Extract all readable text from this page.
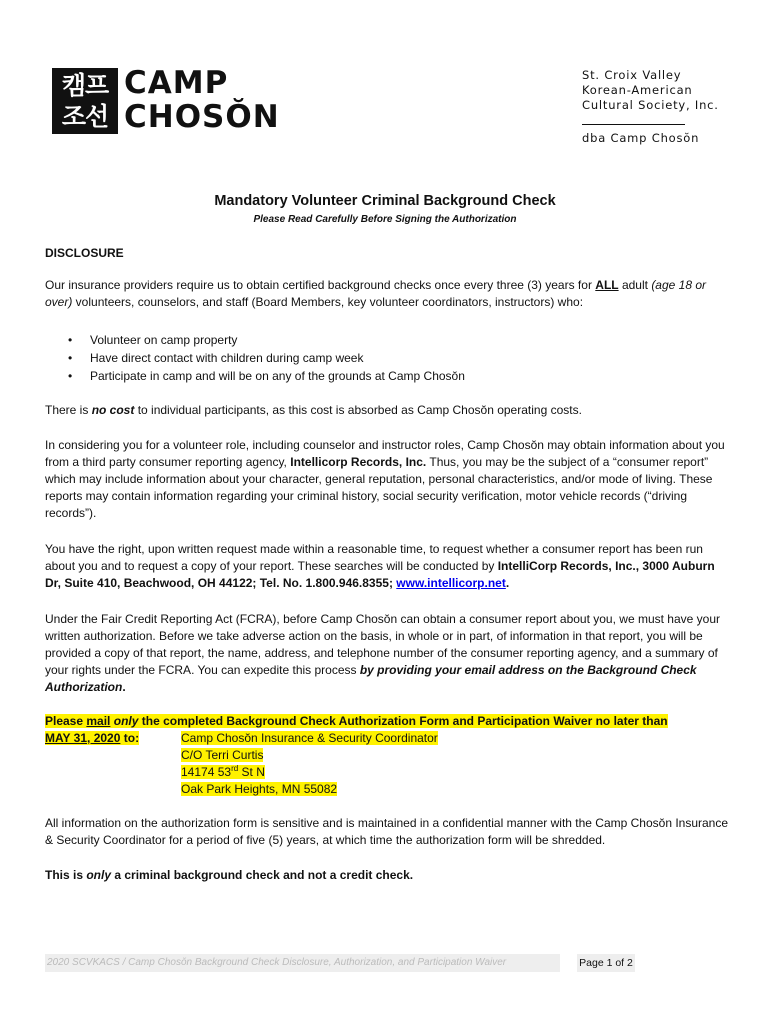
캠프
조선
CAMP
CHOSŎN
St. Croix Valley
Korean-American
Cultural Society, Inc.
dba Camp Chosŏn
Mandatory Volunteer Criminal Background Check
Please Read Carefully Before Signing the Authorization
DISCLOSURE

Our insurance providers require us to obtain certified background checks once every three (3) years for ALL adult (age 18 or over) volunteers, counselors, and staff (Board Members, key volunteer coordinators, instructors) who:

• Volunteer on camp property
• Have direct contact with children during camp week
• Participate in camp and will be on any of the grounds at Camp Chosŏn

There is no cost to individual participants, as this cost is absorbed as Camp Chosŏn operating costs.

In considering you for a volunteer role, including counselor and instructor roles, Camp Chosŏn may obtain information about you from a third party consumer reporting agency, Intellicorp Records, Inc. Thus, you may be the subject of a “consumer report” which may include information about your character, general reputation, personal characteristics, and/or mode of living. These reports may contain information regarding your criminal history, social security verification, motor vehicle records (“driving records”).

You have the right, upon written request made within a reasonable time, to request whether a consumer report has been run about you and to request a copy of your report. These searches will be conducted by IntelliCorp Records, Inc., 3000 Auburn Dr, Suite 410, Beachwood, OH 44122; Tel. No. 1.800.946.8355; www.intellicorp.net.

Under the Fair Credit Reporting Act (FCRA), before Camp Chosŏn can obtain a consumer report about you, we must have your written authorization. Before we take adverse action on the basis, in whole or in part, of information in that report, you will be provided a copy of that report, the name, address, and telephone number of the consumer reporting agency, and a summary of your rights under the FCRA. You can expedite this process by providing your email address on the Background Check Authorization.

Please mail only the completed Background Check Authorization Form and Participation Waiver no later than

MAY 31, 2020 to:	Camp Chosŏn Insurance & Security Coordinator
C/O Terri Curtis
14174 53rd St N
Oak Park Heights, MN 55082

All information on the authorization form is sensitive and is maintained in a confidential manner with the Camp Chosŏn Insurance & Security Coordinator for a period of five (5) years, at which time the authorization form will be shredded.

This is only a criminal background check and not a credit check.

2020 SCVKACS / Camp Chosŏn Background Check Disclosure, Authorization, and Participation Waiver	Page 1 of 2
